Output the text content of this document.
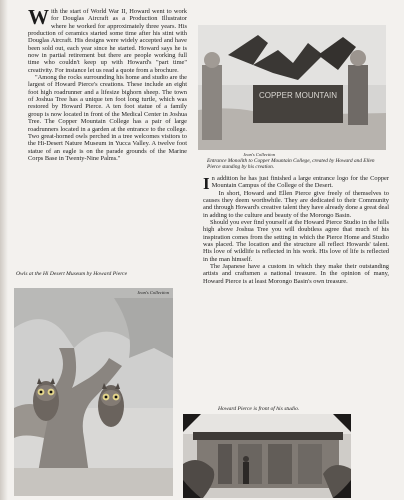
W ith the start of World War II, Howard went to work for Douglas Aircraft as a Production Illustrator where he worked for approximately three years. His production of ceramics started some time after his stint with Douglas Aircraft. His designs were widely accepted and have been sold out, each year since he started. Howard says he is now in partial retirement but there are people working full time who couldn't keep up with Howard's "part time" creativity. For instance let us read a quote from a brochure.

"Among the rocks surrounding his home and studio are the largest of Howard Pierce's creations. These include an eight foot high roadrunner and a lifesize bighorn sheep. The town of Joshua Tree has a unique ten foot long turtle, which was restored by Howard Pierce. A ten foot statue of a family group is now located in front of the Medical Center in Joshua Tree. The Copper Mountain College has a pair of large roadrunners located in a garden at the entrance to the college. Two great-horned owls perched in a tree welcomes visitors to the Hi-Desert Nature Museum in Yucca Valley. A twelve foot statue of an eagle is on the parade grounds of the Marine Corps Base in Twenty-Nine Palms."

Owls at the Hi Desert Museum by Howard Pierce
Jean's Collection
COPPER MOUNTAIN
Jean's Collection
Entrance Monolith to Copper Mountain College, created by Howard and Ellen Pierce standing by his creation.
I n addition he has just finished a large entrance logo for the Copper Mountain Campus of the College of the Desert.

In short, Howard and Ellen Pierce give freely of themselves to causes they deem worthwhile. They are dedicated to their Community and through Howard's creative talent they have already done a great deal in adding to the culture and beauty of the Morongo Basin.

Should you ever find yourself at the Howard Pierce Studio in the hills high above Joshua Tree you will doubtless agree that much of his inspiration comes from the setting in which the Pierce Home and Studio was placed. The location and the structure all reflect Howards' talent. His love of wildlife is reflected in his work. His love of life is reflected in the man himself.

The Japanese have a custom in which they make their outstanding artists and craftsmen a national treasure. In the opinion of many, Howard Pierce is at least Morongo Basin's own treasure.

Howard Pierce is front of his studio.
